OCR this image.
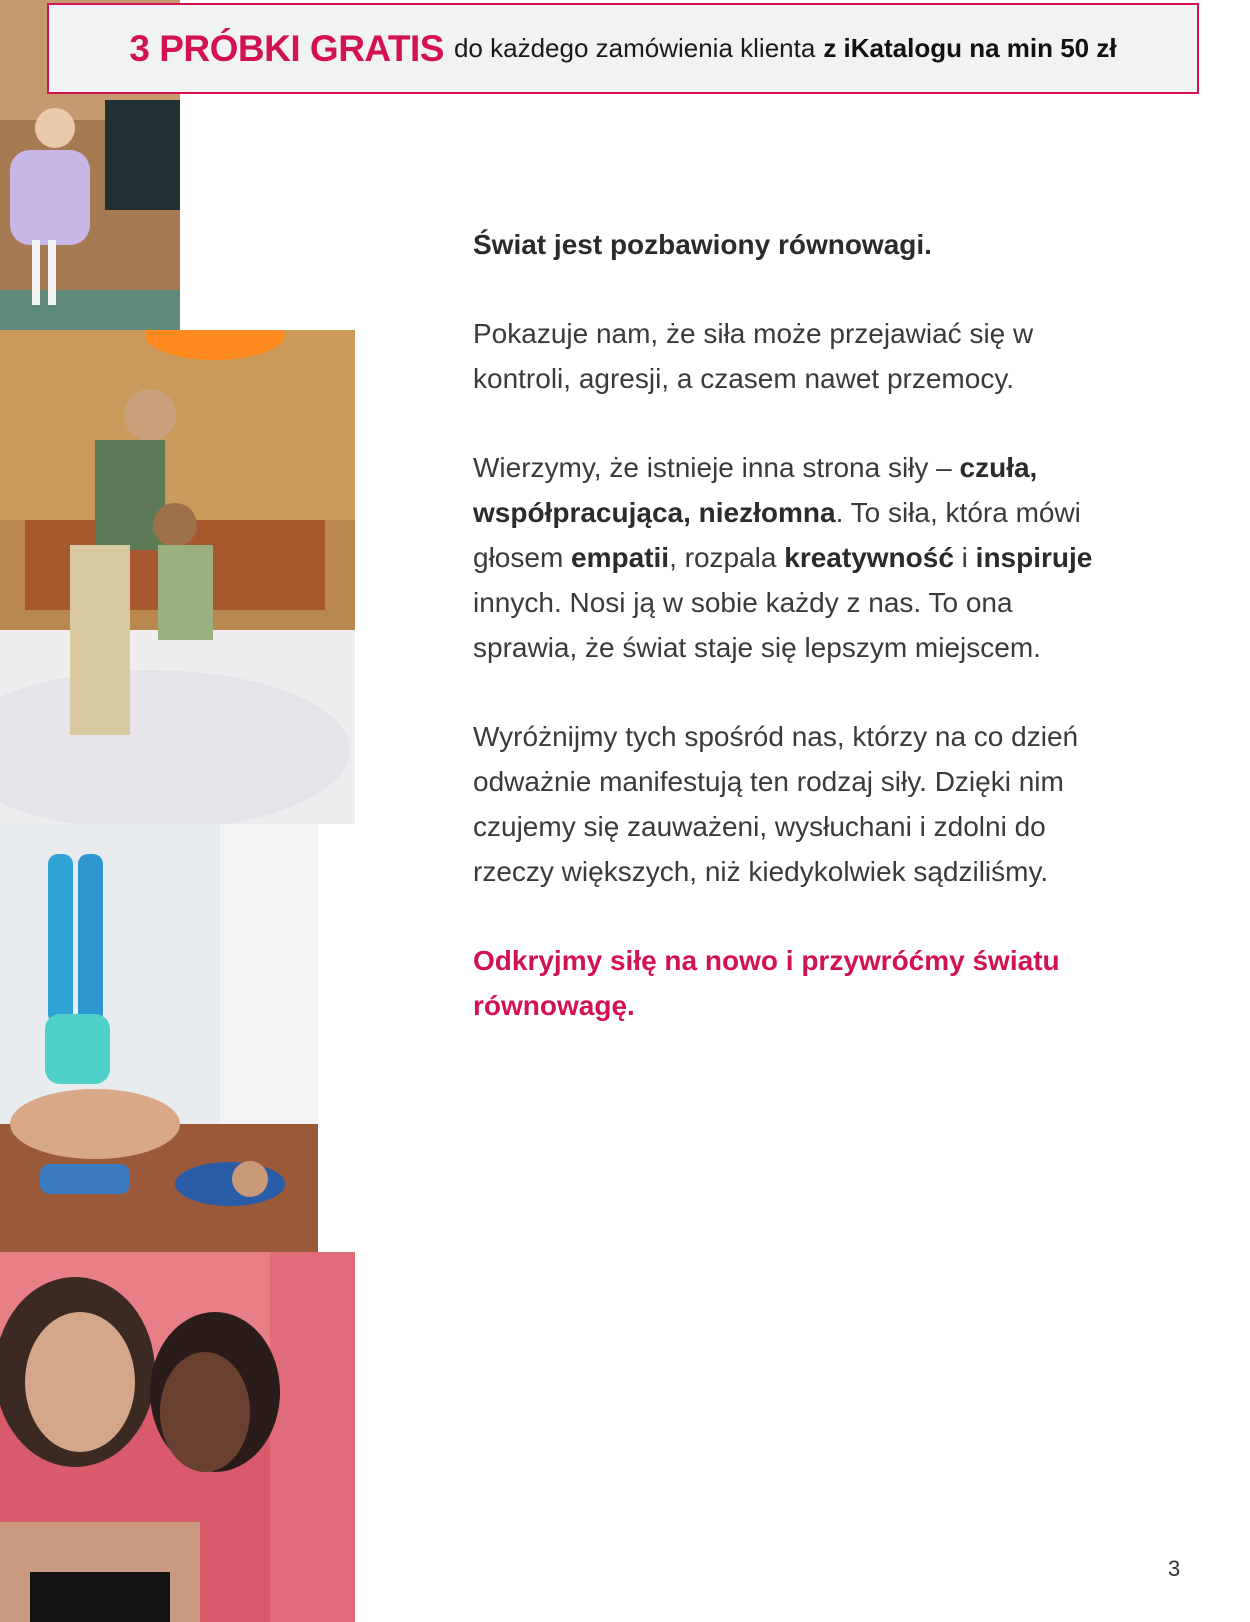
3 PRÓBKI GRATIS do każdego zamówienia klienta z iKatalogu na min 50 zł

Świat jest pozbawiony równowagi.

Pokazuje nam, że siła może przejawiać się w kontroli, agresji, a czasem nawet przemocy.

Wierzymy, że istnieje inna strona siły – czuła, współpracująca, niezłomna. To siła, która mówi głosem empatii, rozpala kreatywność i inspiruje innych. Nosi ją w sobie każdy z nas. To ona sprawia, że świat staje się lepszym miejscem.

Wyróżnijmy tych spośród nas, którzy na co dzień odważnie manifestują ten rodzaj siły. Dzięki nim czujemy się zauważeni, wysłuchani i zdolni do rzeczy większych, niż kiedykolwiek sądziliśmy.

Odkryjmy siłę na nowo i przywróćmy światu równowagę.

3
